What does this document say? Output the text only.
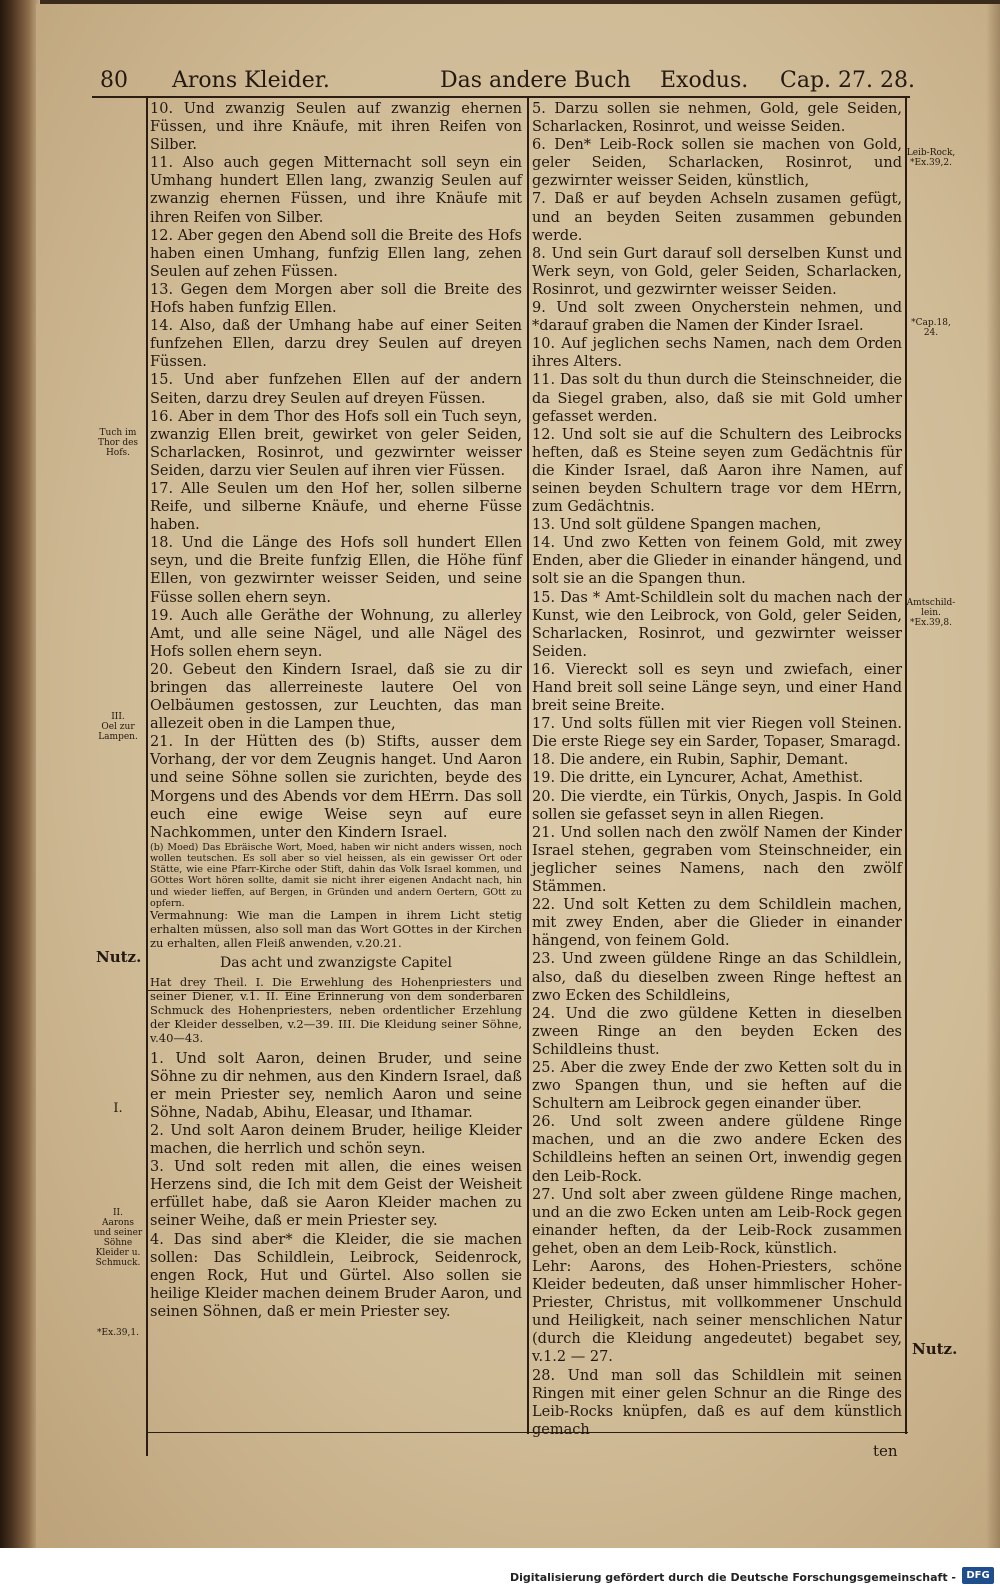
80 Arons Kleider.	Das andere Buch Exodus. Cap. 27. 28.

10. Und zwanzig Seulen auf zwanzig ehernen Füssen, und ihre Knäufe, mit ihren Reifen von Silber.

11. Also auch gegen Mitternacht soll seyn ein Umhang hundert Ellen lang, zwanzig Seulen auf zwanzig ehernen Füssen, und ihre Knäufe mit ihren Reifen von Silber.

12. Aber gegen den Abend soll die Breite des Hofs haben einen Umhang, funfzig Ellen lang, zehen Seulen auf zehen Füssen.

13. Gegen dem Morgen aber soll die Breite des Hofs haben funfzig Ellen.

14. Also, daß der Umhang habe auf einer Seiten funfzehen Ellen, darzu drey Seulen auf dreyen Füssen.

15. Und aber funfzehen Ellen auf der andern Seiten, darzu drey Seulen auf dreyen Füssen.

16. Aber in dem Thor des Hofs soll ein Tuch seyn, zwanzig Ellen breit, gewirket von geler Seiden, Scharlacken, Rosinrot, und gezwirnter weisser Seiden, darzu vier Seulen auf ihren vier Füssen.

17. Alle Seulen um den Hof her, sollen silberne Reife, und silberne Knäufe, und eherne Füsse haben.

18. Und die Länge des Hofs soll hundert Ellen seyn, und die Breite funfzig Ellen, die Höhe fünf Ellen, von gezwirnter weisser Seiden, und seine Füsse sollen ehern seyn.

19. Auch alle Geräthe der Wohnung, zu allerley Amt, und alle seine Nägel, und alle Nägel des Hofs sollen ehern seyn.

20. Gebeut den Kindern Israel, daß sie zu dir bringen das allerreineste lautere Oel von Oelbäumen gestossen, zur Leuchten, das man allezeit oben in die Lampen thue,

21. In der Hütten des (b) Stifts, ausser dem Vorhang, der vor dem Zeugnis hanget. Und Aaron und seine Söhne sollen sie zurichten, beyde des Morgens und des Abends vor dem HErrn. Das soll euch eine ewige Weise seyn auf eure Nachkommen, unter den Kindern Israel.

(b) Moed) Das Ebräische Wort, Moed, haben wir nicht anders wissen, noch wollen teutschen. Es soll aber so viel heissen, als ein gewisser Ort oder Stätte, wie eine Pfarr-Kirche oder Stift, dahin das Volk Israel kommen, und GOttes Wort hören sollte, damit sie nicht ihrer eigenen Andacht nach, hin und wieder lieffen, auf Bergen, in Gründen und andern Oertern, GOtt zu opfern.

Vermahnung: Wie man die Lampen in ihrem Licht stetig erhalten müssen, also soll man das Wort GOttes in der Kirchen zu erhalten, allen Fleiß anwenden, v.20.21.

Das acht und zwanzigste Capitel

Hat drey Theil. I. Die Erwehlung des Hohenpriesters und seiner Diener, v.1. II. Eine Erinnerung von dem sonderbaren Schmuck des Hohenpriesters, neben ordentlicher Erzehlung der Kleider desselben, v.2—39. III. Die Kleidung seiner Söhne, v.40—43.

1. Und solt Aaron, deinen Bruder, und seine Söhne zu dir nehmen, aus den Kindern Israel, daß er mein Priester sey, nemlich Aaron und seine Söhne, Nadab, Abihu, Eleasar, und Ithamar.

2. Und solt Aaron deinem Bruder, heilige Kleider machen, die herrlich und schön seyn.

3. Und solt reden mit allen, die eines weisen Herzens sind, die Ich mit dem Geist der Weisheit erfüllet habe, daß sie Aaron Kleider machen zu seiner Weihe, daß er mein Priester sey.

4. Das sind aber* die Kleider, die sie machen sollen: Das Schildlein, Leibrock, Seidenrock, engen Rock, Hut und Gürtel. Also sollen sie heilige Kleider machen deinem Bruder Aaron, und seinen Söhnen, daß er mein Priester sey.

5. Darzu sollen sie nehmen, Gold, gele Seiden, Scharlacken, Rosinrot, und weisse Seiden.

6. Den* Leib-Rock sollen sie machen von Gold, geler Seiden, Scharlacken, Rosinrot, und gezwirnter weisser Seiden, künstlich,

7. Daß er auf beyden Achseln zusamen gefügt, und an beyden Seiten zusammen gebunden werde.

8. Und sein Gurt darauf soll derselben Kunst und Werk seyn, von Gold, geler Seiden, Scharlacken, Rosinrot, und gezwirnter weisser Seiden.

9. Und solt zween Onycherstein nehmen, und *darauf graben die Namen der Kinder Israel.

10. Auf jeglichen sechs Namen, nach dem Orden ihres Alters.

11. Das solt du thun durch die Steinschneider, die da Siegel graben, also, daß sie mit Gold umher gefasset werden.

12. Und solt sie auf die Schultern des Leibrocks heften, daß es Steine seyen zum Gedächtnis für die Kinder Israel, daß Aaron ihre Namen, auf seinen beyden Schultern trage vor dem HErrn, zum Gedächtnis.

13. Und solt güldene Spangen machen,

14. Und zwo Ketten von feinem Gold, mit zwey Enden, aber die Glieder in einander hängend, und solt sie an die Spangen thun.

15. Das * Amt-Schildlein solt du machen nach der Kunst, wie den Leibrock, von Gold, geler Seiden, Scharlacken, Rosinrot, und gezwirnter weisser Seiden.

16. Viereckt soll es seyn und zwiefach, einer Hand breit soll seine Länge seyn, und einer Hand breit seine Breite.

17. Und solts füllen mit vier Riegen voll Steinen. Die erste Riege sey ein Sarder, Topaser, Smaragd.

18. Die andere, ein Rubin, Saphir, Demant.

19. Die dritte, ein Lyncurer, Achat, Amethist.

20. Die vierdte, ein Türkis, Onych, Jaspis. In Gold sollen sie gefasset seyn in allen Riegen.

21. Und sollen nach den zwölf Namen der Kinder Israel stehen, gegraben vom Steinschneider, ein jeglicher seines Namens, nach den zwölf Stämmen.

22. Und solt Ketten zu dem Schildlein machen, mit zwey Enden, aber die Glieder in einander hängend, von feinem Gold.

23. Und zween güldene Ringe an das Schildlein, also, daß du dieselben zween Ringe heftest an zwo Ecken des Schildleins,

24. Und die zwo güldene Ketten in dieselben zween Ringe an den beyden Ecken des Schildleins thust.

25. Aber die zwey Ende der zwo Ketten solt du in zwo Spangen thun, und sie heften auf die Schultern am Leibrock gegen einander über.

26. Und solt zween andere güldene Ringe machen, und an die zwo andere Ecken des Schildleins heften an seinen Ort, inwendig gegen den Leib-Rock.

27. Und solt aber zween güldene Ringe machen, und an die zwo Ecken unten am Leib-Rock gegen einander heften, da der Leib-Rock zusammen gehet, oben an dem Leib-Rock, künstlich.

Lehr: Aarons, des Hohen-Priesters, schöne Kleider bedeuten, daß unser himmlischer Hoher-Priester, Christus, mit vollkommener Unschuld und Heiligkeit, nach seiner menschlichen Natur (durch die Kleidung angedeutet) begabet sey, v.1.2 — 27.

28. Und man soll das Schildlein mit seinen Ringen mit einer gelen Schnur an die Ringe des Leib-Rocks knüpfen, daß es auf dem künstlich gemach

ten
Tuch im
Thor des
Hofs.
III.
Oel zur
Lampen.
Nutz.
I.
II.
Aarons
und seiner
Söhne
Kleider u.
Schmuck.
*Ex.39,1.
Leib-Rock,
*Ex.39,2.
*Cap.18,
24.
Amtschild-
lein.
*Ex.39,8.
Nutz.
Digitalisierung gefördert durch die Deutsche Forschungsgemeinschaft -	DFG
